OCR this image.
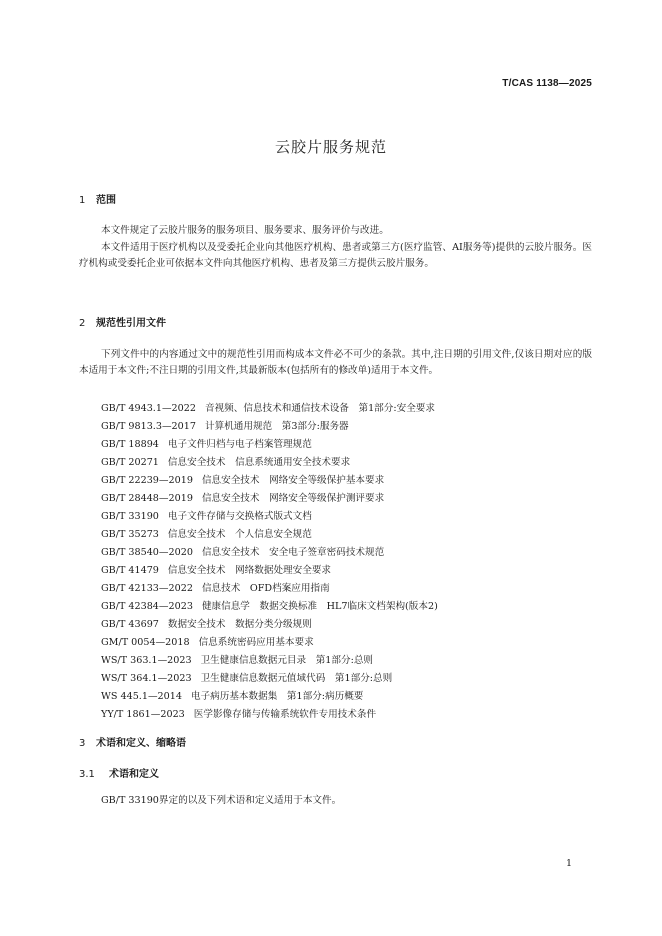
T/CAS 1138—2025
云胶片服务规范
1 范围
本文件规定了云胶片服务的服务项目、服务要求、服务评价与改进。
本文件适用于医疗机构以及受委托企业向其他医疗机构、患者或第三方(医疗监管、AI服务等)提供的云胶片服务。医疗机构或受委托企业可依据本文件向其他医疗机构、患者及第三方提供云胶片服务。
2 规范性引用文件
下列文件中的内容通过文中的规范性引用而构成本文件必不可少的条款。其中,注日期的引用文件,仅该日期对应的版本适用于本文件;不注日期的引用文件,其最新版本(包括所有的修改单)适用于本文件。
GB/T 4943.1—2022 音视频、信息技术和通信技术设备　第1部分:安全要求
GB/T 9813.3—2017 计算机通用规范　第3部分:服务器
GB/T 18894 电子文件归档与电子档案管理规范
GB/T 20271 信息安全技术　信息系统通用安全技术要求
GB/T 22239—2019 信息安全技术　网络安全等级保护基本要求
GB/T 28448—2019 信息安全技术　网络安全等级保护测评要求
GB/T 33190 电子文件存储与交换格式版式文档
GB/T 35273 信息安全技术　个人信息安全规范
GB/T 38540—2020 信息安全技术　安全电子签章密码技术规范
GB/T 41479 信息安全技术　网络数据处理安全要求
GB/T 42133—2022 信息技术　OFD档案应用指南
GB/T 42384—2023 健康信息学　数据交换标准　HL7临床文档架构(版本2)
GB/T 43697 数据安全技术　数据分类分级规则
GM/T 0054—2018 信息系统密码应用基本要求
WS/T 363.1—2023 卫生健康信息数据元目录　第1部分:总则
WS/T 364.1—2023 卫生健康信息数据元值域代码　第1部分:总则
WS 445.1—2014 电子病历基本数据集　第1部分:病历概要
YY/T 1861—2023 医学影像存储与传输系统软件专用技术条件
3 术语和定义、缩略语
3.1 术语和定义
GB/T 33190界定的以及下列术语和定义适用于本文件。
1
